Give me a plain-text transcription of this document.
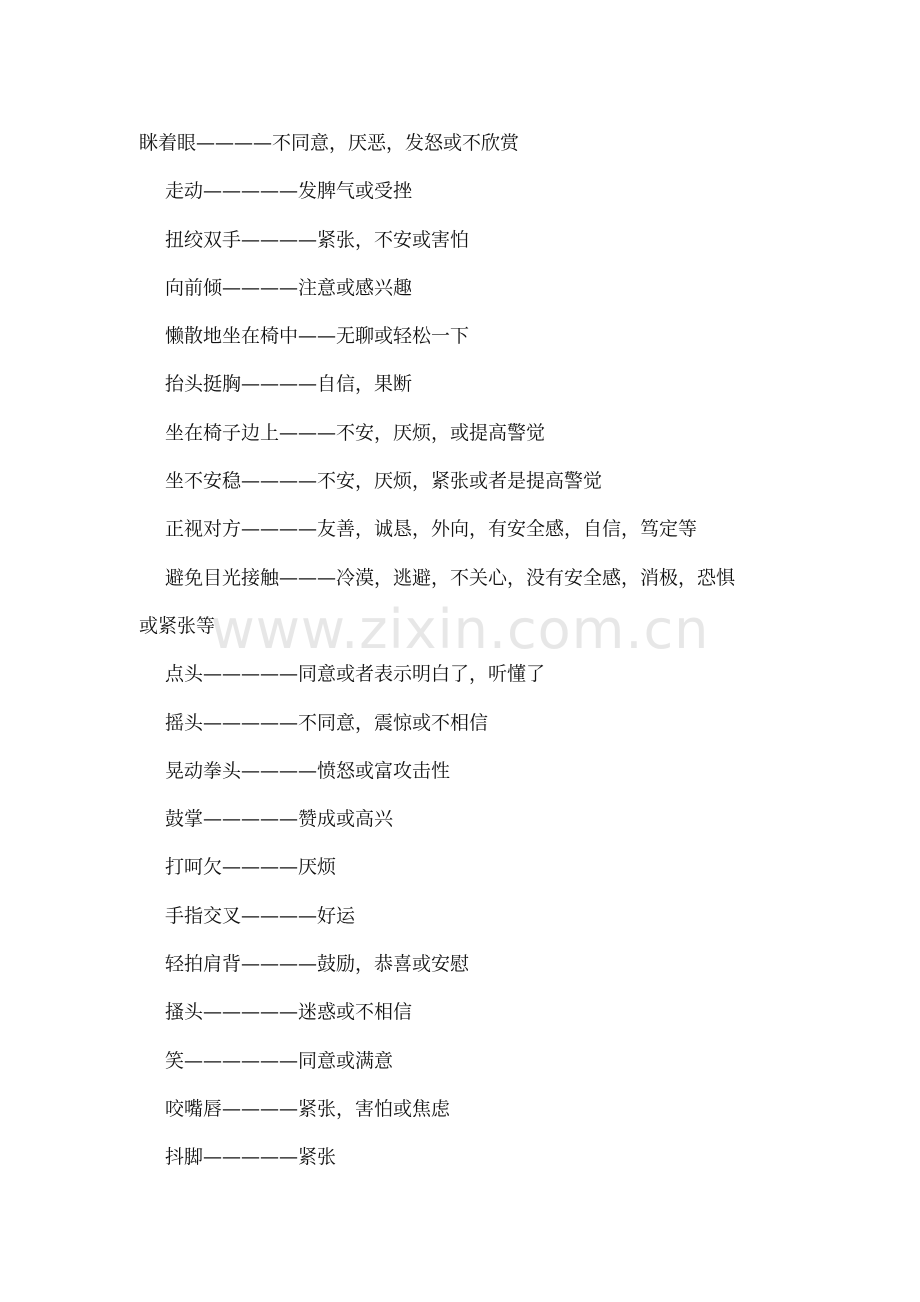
眯着眼————不同意，厌恶，发怒或不欣赏
走动—————发脾气或受挫
扭绞双手————紧张，不安或害怕
向前倾————注意或感兴趣
懒散地坐在椅中——无聊或轻松一下
抬头挺胸————自信，果断
坐在椅子边上———不安，厌烦，或提高警觉
坐不安稳————不安，厌烦，紧张或者是提高警觉
正视对方————友善，诚恳，外向，有安全感，自信，笃定等
避免目光接触———冷漠，逃避，不关心，没有安全感，消极，恐惧
或紧张等
点头—————同意或者表示明白了，听懂了
摇头—————不同意，震惊或不相信
晃动拳头————愤怒或富攻击性
鼓掌—————赞成或高兴
打呵欠————厌烦
手指交叉————好运
轻拍肩背————鼓励，恭喜或安慰
搔头—————迷惑或不相信
笑——————同意或满意
咬嘴唇————紧张，害怕或焦虑
抖脚—————紧张
www.zixin.com.cn
